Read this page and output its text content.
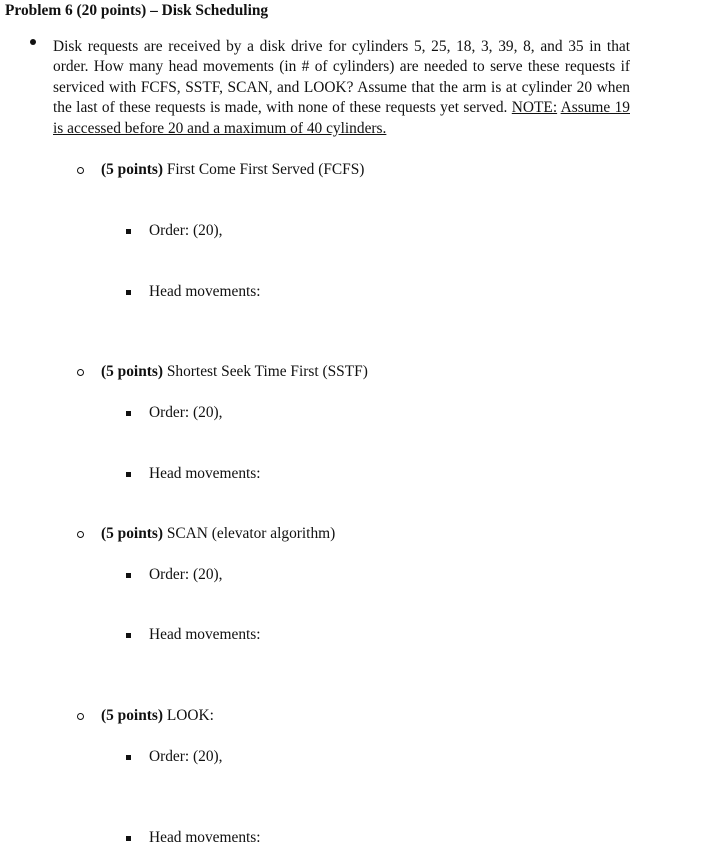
Problem 6 (20 points) – Disk Scheduling
Disk requests are received by a disk drive for cylinders 5, 25, 18, 3, 39, 8, and 35 in that order. How many head movements (in # of cylinders) are needed to serve these requests if serviced with FCFS, SSTF, SCAN, and LOOK? Assume that the arm is at cylinder 20 when the last of these requests is made, with none of these requests yet served. NOTE: Assume 19 is accessed before 20 and a maximum of 40 cylinders.
(5 points) First Come First Served (FCFS)
Order: (20),
Head movements:
(5 points) Shortest Seek Time First (SSTF)
Order: (20),
Head movements:
(5 points) SCAN (elevator algorithm)
Order: (20),
Head movements:
(5 points) LOOK:
Order: (20),
Head movements:
